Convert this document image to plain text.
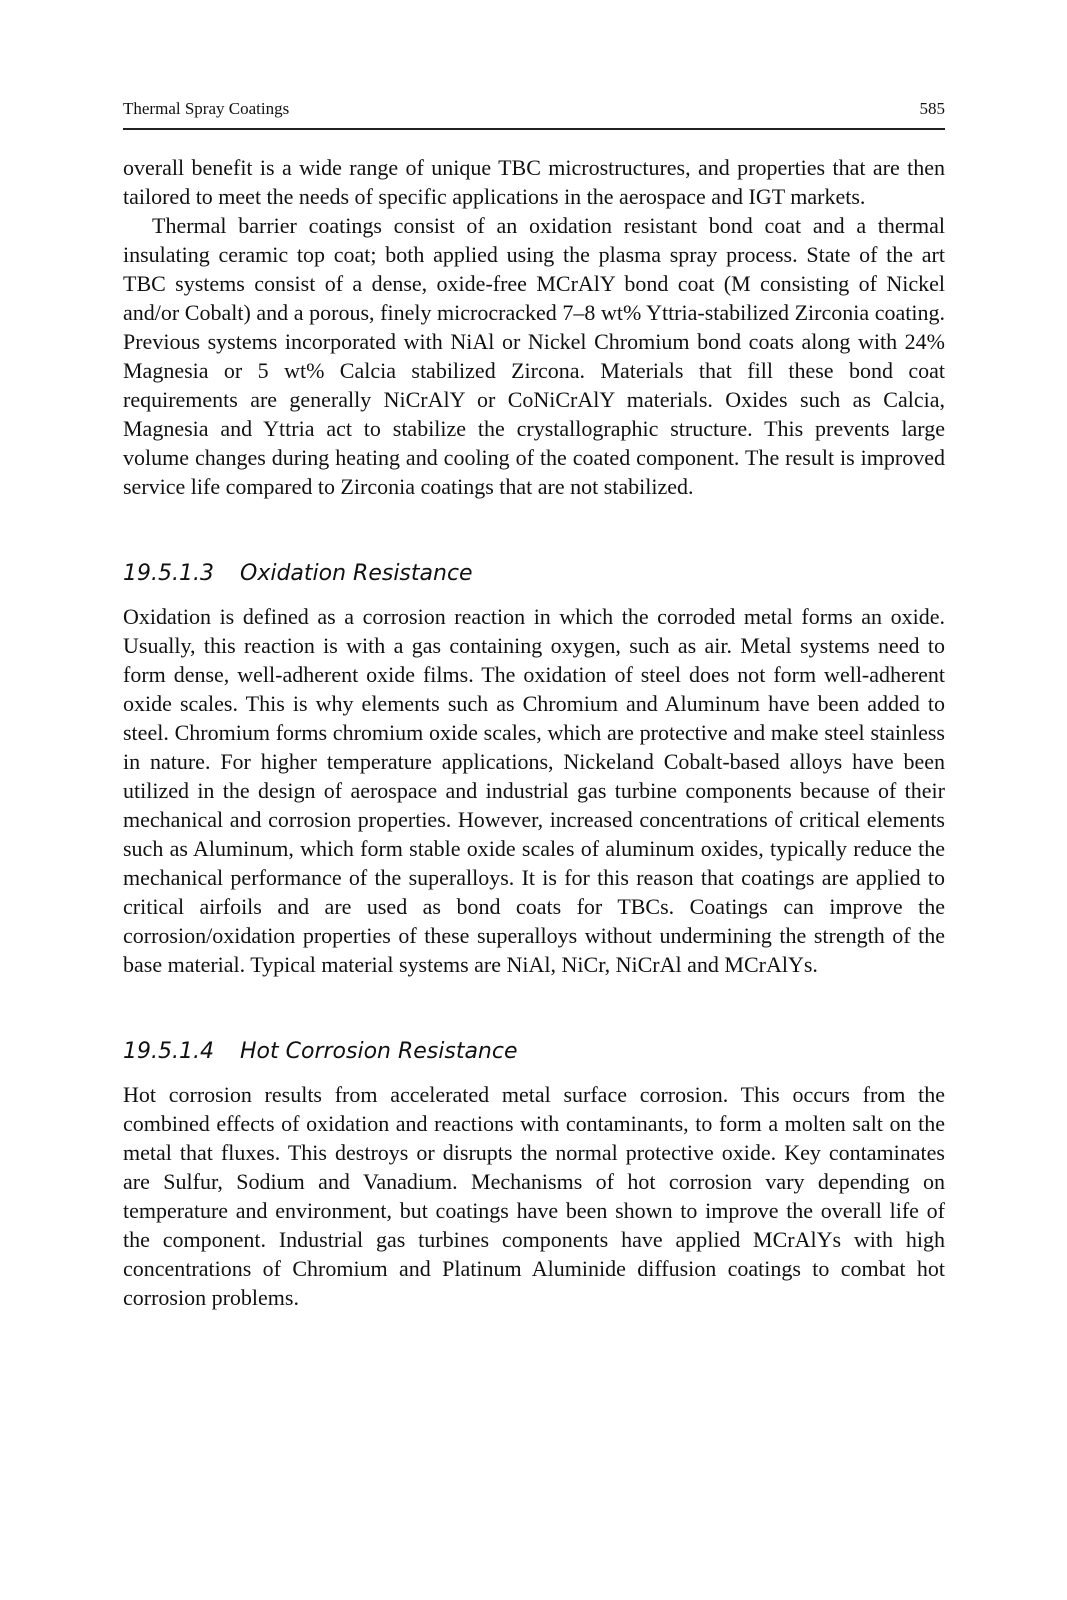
Thermal Spray Coatings	585

overall benefit is a wide range of unique TBC microstructures, and properties that are then tailored to meet the needs of specific applications in the aerospace and IGT markets.

Thermal barrier coatings consist of an oxidation resistant bond coat and a thermal insulating ceramic top coat; both applied using the plasma spray process. State of the art TBC systems consist of a dense, oxide-free MCrAlY bond coat (M consisting of Nickel and/or Cobalt) and a porous, finely microcracked 7–8 wt% Yttria-stabilized Zirconia coating. Previous systems incorporated with NiAl or Nickel Chromium bond coats along with 24% Magnesia or 5 wt% Calcia stabilized Zircona. Materials that fill these bond coat requirements are generally NiCrAlY or CoNiCrAlY materials. Oxides such as Calcia, Magnesia and Yttria act to stabilize the crystallographic structure. This prevents large volume changes during heating and cooling of the coated component. The result is improved service life compared to Zirconia coatings that are not stabilized.

19.5.1.3 Oxidation Resistance

Oxidation is defined as a corrosion reaction in which the corroded metal forms an oxide. Usually, this reaction is with a gas containing oxygen, such as air. Metal systems need to form dense, well-adherent oxide films. The oxidation of steel does not form well-adherent oxide scales. This is why elements such as Chromium and Aluminum have been added to steel. Chromium forms chromium oxide scales, which are protective and make steel stainless in nature. For higher temperature applications, Nickeland Cobalt-based alloys have been utilized in the design of aerospace and industrial gas turbine components because of their mechanical and corrosion properties. However, increased concentrations of critical elements such as Aluminum, which form stable oxide scales of aluminum oxides, typically reduce the mechanical performance of the superalloys. It is for this reason that coatings are applied to critical airfoils and are used as bond coats for TBCs. Coatings can improve the corrosion/oxidation properties of these superalloys without undermining the strength of the base material. Typical material systems are NiAl, NiCr, NiCrAl and MCrAlYs.

19.5.1.4 Hot Corrosion Resistance

Hot corrosion results from accelerated metal surface corrosion. This occurs from the combined effects of oxidation and reactions with contaminants, to form a molten salt on the metal that fluxes. This destroys or disrupts the normal protective oxide. Key contaminates are Sulfur, Sodium and Vanadium. Mechanisms of hot corrosion vary depending on temperature and environment, but coatings have been shown to improve the overall life of the component. Industrial gas turbines components have applied MCrAlYs with high concentrations of Chromium and Platinum Aluminide diffusion coatings to combat hot corrosion problems.
